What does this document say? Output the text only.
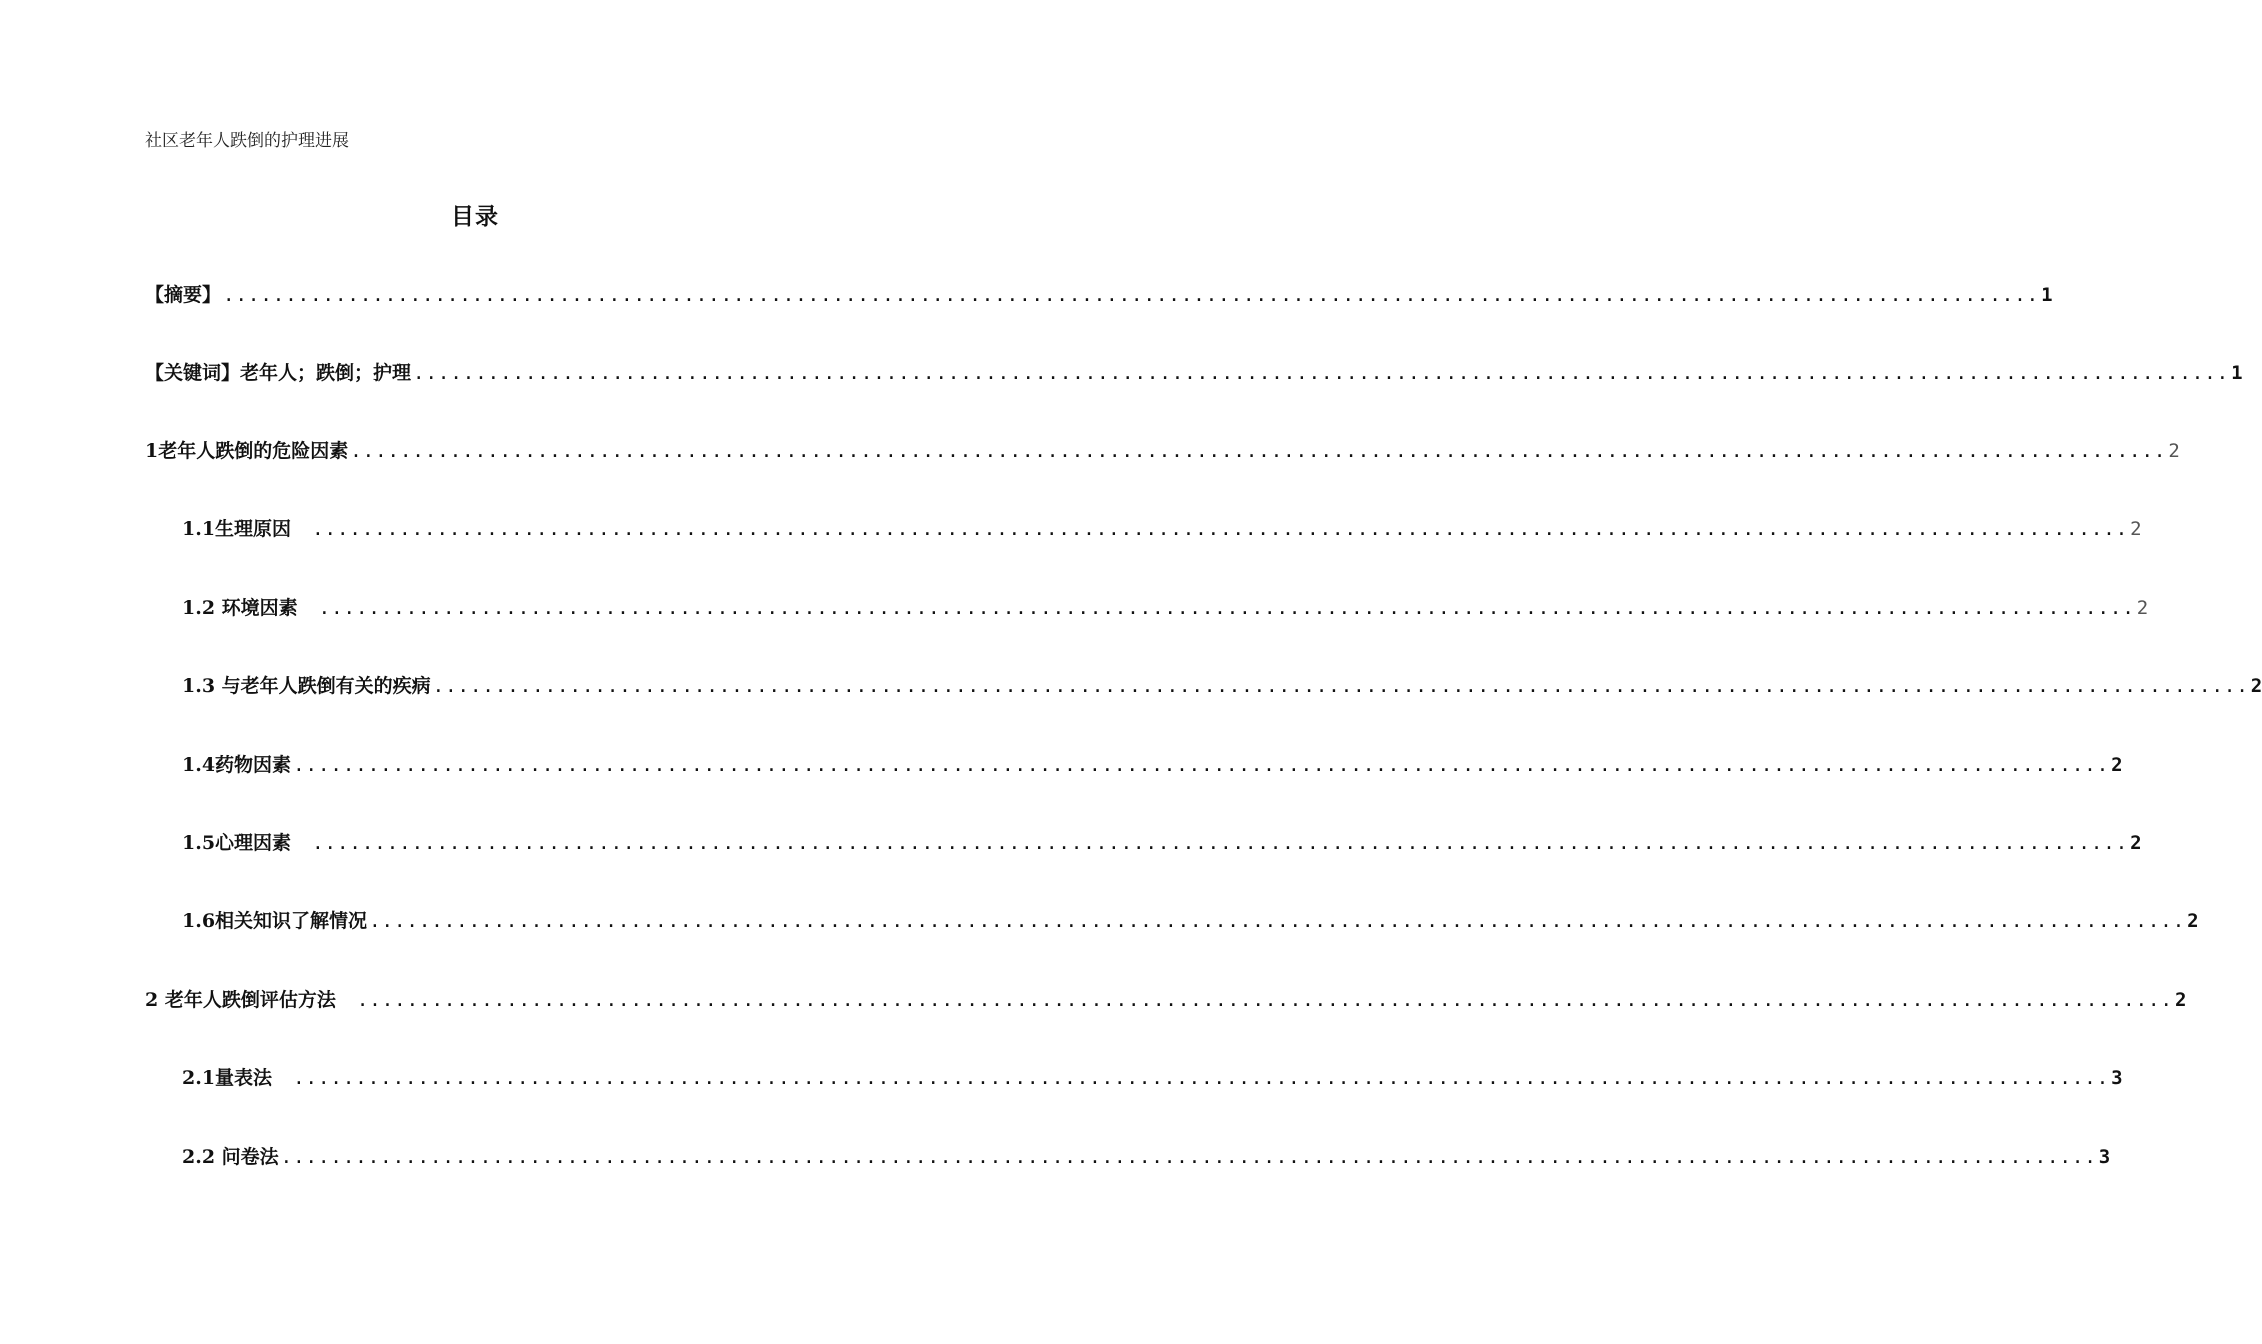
社区老年人跌倒的护理进展
目录
【摘要】 .................................................................................................................................................. 1
【关键词】老年人；跌倒；护理 .................................................................................................................................................. 1
1老年人跌倒的危险因素 .................................................................................................................................................. 2
1.1生理原因　 .................................................................................................................................................. 2
1.2 环境因素　 .................................................................................................................................................. 2
1.3 与老年人跌倒有关的疾病 .................................................................................................................................................. 2
1.4药物因素 .................................................................................................................................................. 2
1.5心理因素　 .................................................................................................................................................. 2
1.6相关知识了解情况 .................................................................................................................................................. 2
2 老年人跌倒评估方法　 .................................................................................................................................................. 2
2.1量表法　 .................................................................................................................................................. 3
2.2 问卷法 .................................................................................................................................................. 3
